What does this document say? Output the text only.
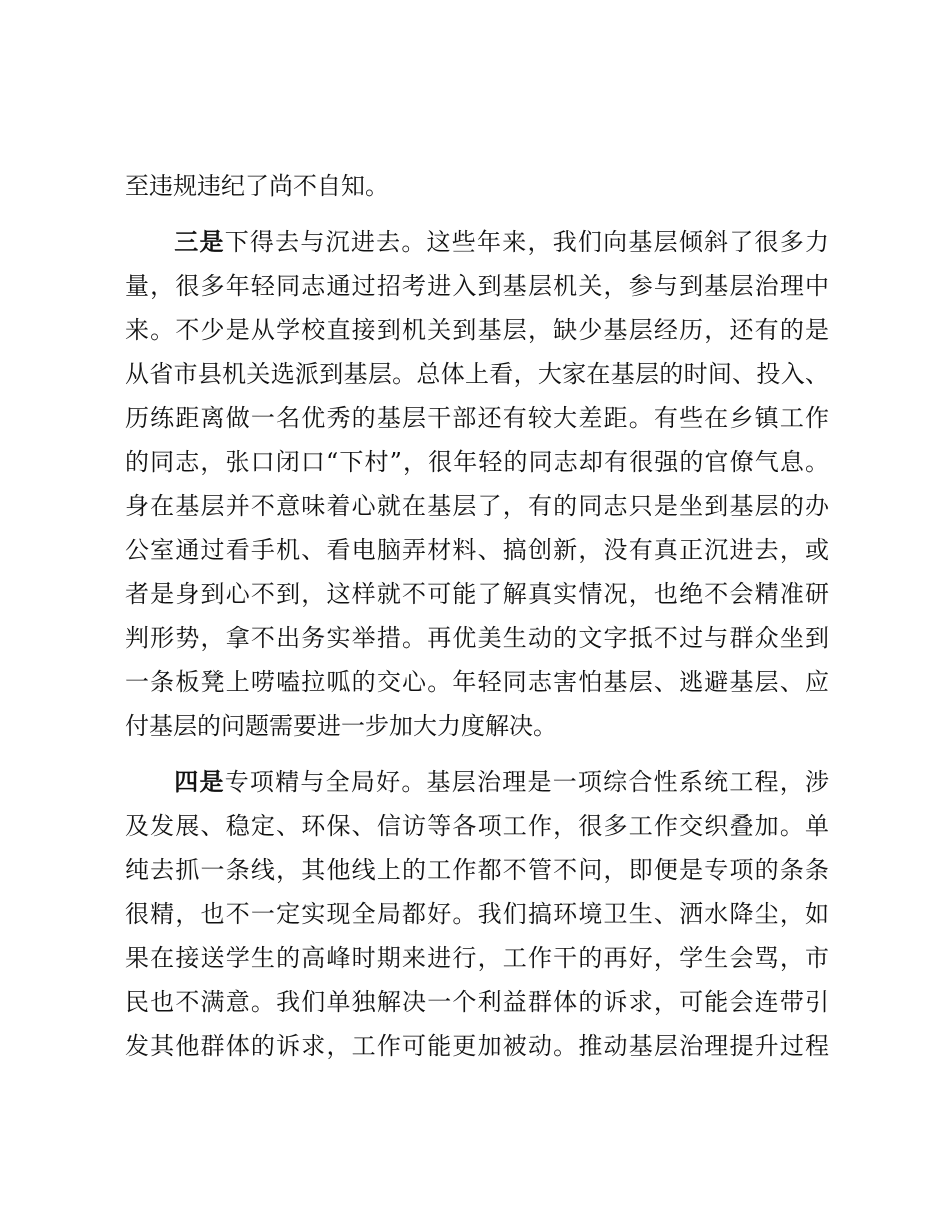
至违规违纪了尚不自知。
三是下得去与沉进去。这些年来，我们向基层倾斜了很多力
量，很多年轻同志通过招考进入到基层机关，参与到基层治理中
来。不少是从学校直接到机关到基层，缺少基层经历，还有的是
从省市县机关选派到基层。总体上看，大家在基层的时间、投入、
历练距离做一名优秀的基层干部还有较大差距。有些在乡镇工作
的同志，张口闭口“下村”，很年轻的同志却有很强的官僚气息。
身在基层并不意味着心就在基层了，有的同志只是坐到基层的办
公室通过看手机、看电脑弄材料、搞创新，没有真正沉进去，或
者是身到心不到，这样就不可能了解真实情况，也绝不会精准研
判形势，拿不出务实举措。再优美生动的文字抵不过与群众坐到
一条板凳上唠嗑拉呱的交心。年轻同志害怕基层、逃避基层、应
付基层的问题需要进一步加大力度解决。
四是专项精与全局好。基层治理是一项综合性系统工程，涉
及发展、稳定、环保、信访等各项工作，很多工作交织叠加。单
纯去抓一条线，其他线上的工作都不管不问，即便是专项的条条
很精，也不一定实现全局都好。我们搞环境卫生、洒水降尘，如
果在接送学生的高峰时期来进行，工作干的再好，学生会骂，市
民也不满意。我们单独解决一个利益群体的诉求，可能会连带引
发其他群体的诉求，工作可能更加被动。推动基层治理提升过程
